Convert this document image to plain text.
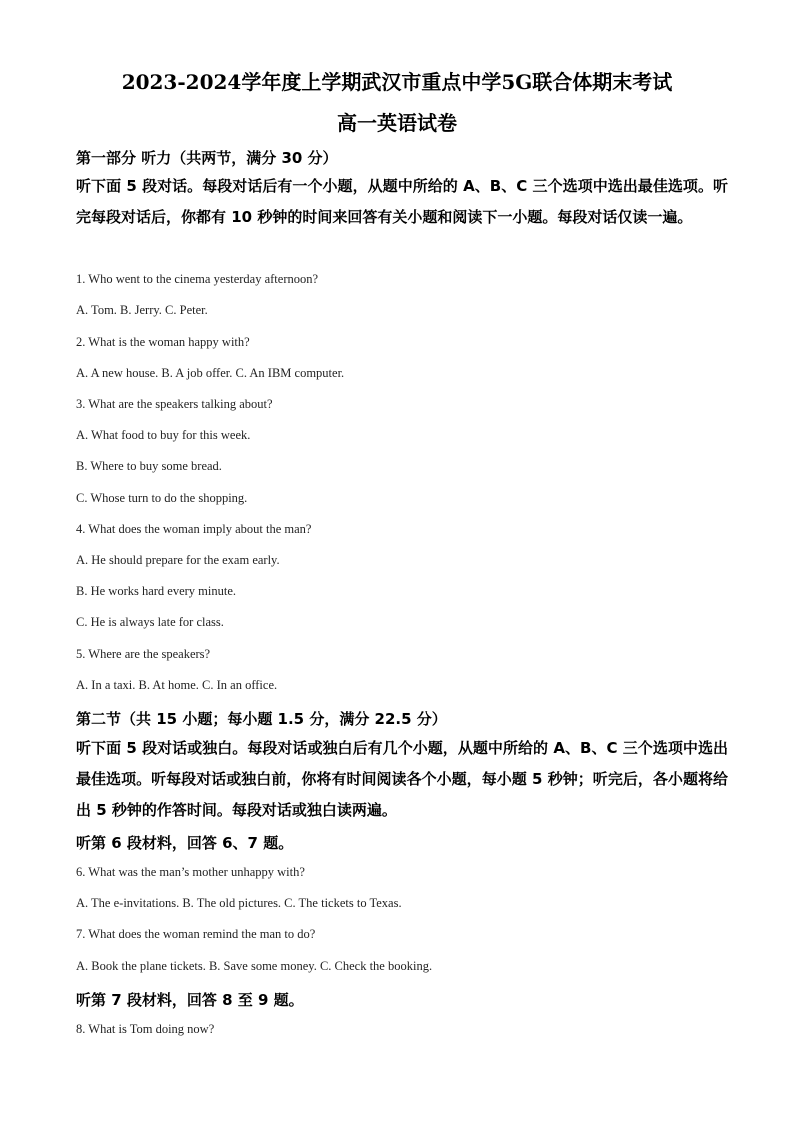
2023-2024学年度上学期武汉市重点中学5G联合体期末考试
高一英语试卷
第一部分 听力（共两节，满分 30 分）
听下面 5 段对话。每段对话后有一个小题，从题中所给的 A、B、C 三个选项中选出最佳选项。听完每段对话后，你都有 10 秒钟的时间来回答有关小题和阅读下一小题。每段对话仅读一遍。
1. Who went to the cinema yesterday afternoon?
A. Tom. B. Jerry. C. Peter.
2. What is the woman happy with?
A. A new house. B. A job offer. C. An IBM computer.
3. What are the speakers talking about?
A. What food to buy for this week.
B. Where to buy some bread.
C. Whose turn to do the shopping.
4. What does the woman imply about the man?
A. He should prepare for the exam early.
B. He works hard every minute.
C. He is always late for class.
5. Where are the speakers?
A. In a taxi. B. At home. C. In an office.
第二节（共 15 小题；每小题 1.5 分，满分 22.5 分）
听下面 5 段对话或独白。每段对话或独白后有几个小题，从题中所给的 A、B、C 三个选项中选出最佳选项。听每段对话或独白前，你将有时间阅读各个小题，每小题 5 秒钟；听完后，各小题将给出 5 秒钟的作答时间。每段对话或独白读两遍。
听第 6 段材料，回答 6、7 题。
6. What was the man’s mother unhappy with?
A. The e-invitations. B. The old pictures. C. The tickets to Texas.
7. What does the woman remind the man to do?
A. Book the plane tickets. B. Save some money. C. Check the booking.
听第 7 段材料，回答 8 至 9 题。
8. What is Tom doing now?
